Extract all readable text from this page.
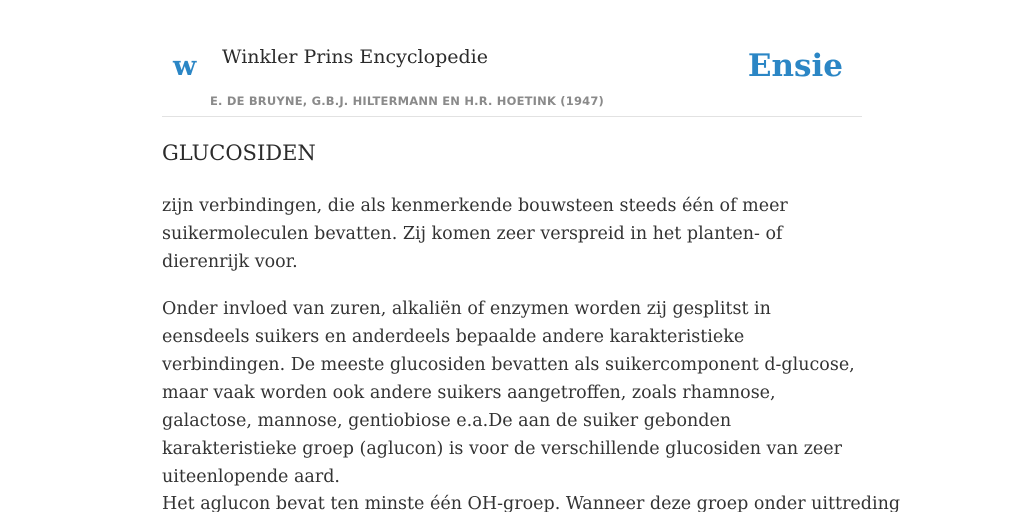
w Winkler Prins Encyclopedie
E. DE BRUYNE, G.B.J. HILTERMANN EN H.R. HOETINK (1947)
Ensie
GLUCOSIDEN

zijn verbindingen, die als kenmerkende bouwsteen steeds één of meer suikermoleculen bevatten. Zij komen zeer verspreid in het planten- of dierenrijk voor.

Onder invloed van zuren, alkaliën of enzymen worden zij gesplitst in eensdeels suikers en anderdeels bepaalde andere karakteristieke verbindingen. De meeste glucosiden bevatten als suikercomponent d-glucose, maar vaak worden ook andere suikers aangetroffen, zoals rhamnose, galactose, mannose, gentiobiose e.a.De aan de suiker gebonden karakteristieke groep (aglucon) is voor de verschillende glucosiden van zeer uiteenlopende aard.

Het aglucon bevat ten minste één OH-groep. Wanneer deze groep onder uittreding
